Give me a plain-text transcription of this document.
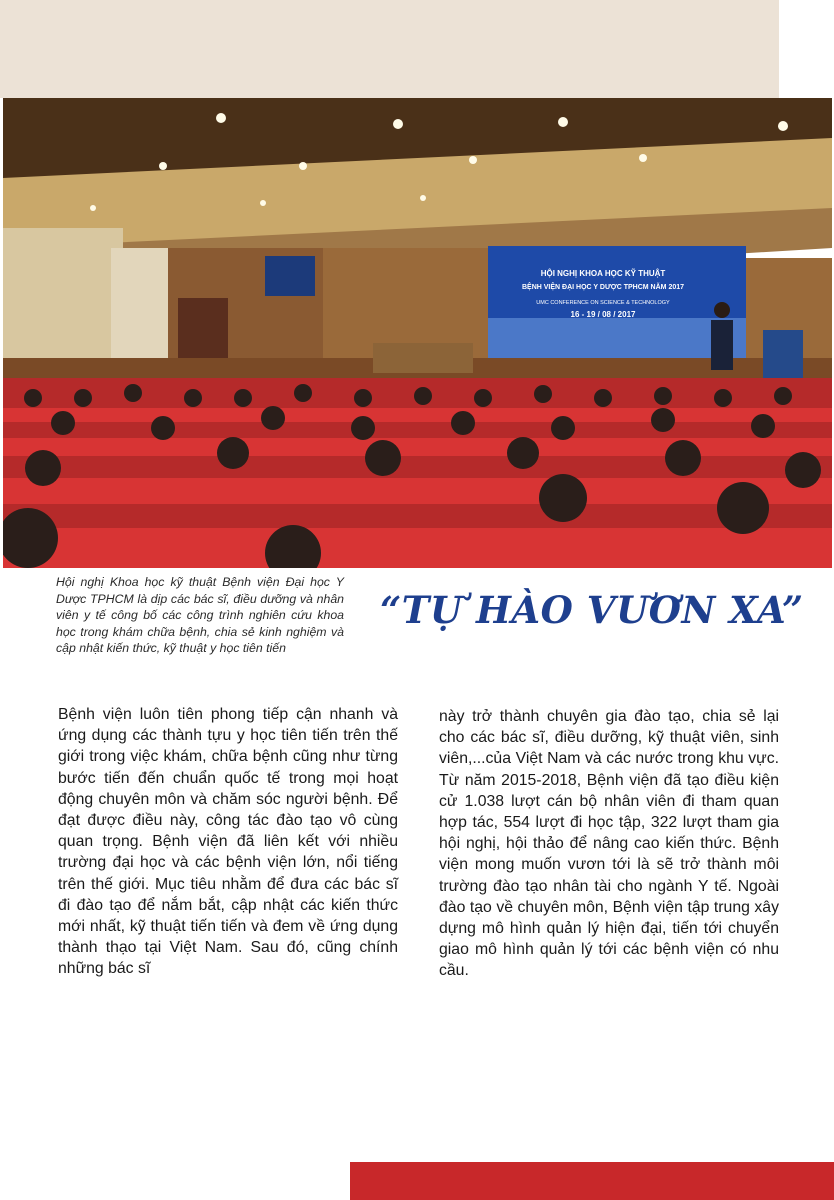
HỘI NGHỊ KHOA HỌC KỸ THUẬT
BỆNH VIỆN ĐẠI HỌC Y DƯỢC TPHCM NĂM 2017
UMC CONFERENCE ON SCIENCE & TECHNOLOGY
16 - 19 / 08 / 2017
Hội nghị Khoa học kỹ thuật Bệnh viện Đại học Y Dược TPHCM là dịp các bác sĩ, điều dưỡng và nhân viên y tế công bố các công trình nghiên cứu khoa học trong khám chữa bệnh, chia sẻ kinh nghiệm và cập nhật kiến thức, kỹ thuật y học tiên tiến
“TỰ HÀO VƯƠN XA”
Bệnh viện luôn tiên phong tiếp cận nhanh và ứng dụng các thành tựu y học tiên tiến trên thế giới trong việc khám, chữa bệnh cũng như từng bước tiến đến chuẩn quốc tế trong mọi hoạt động chuyên môn và chăm sóc người bệnh. Để đạt được điều này, công tác đào tạo vô cùng quan trọng. Bệnh viện đã liên kết với nhiều trường đại học và các bệnh viện lớn, nổi tiếng trên thế giới. Mục tiêu nhằm để đưa các bác sĩ đi đào tạo để nắm bắt, cập nhật các kiến thức mới nhất, kỹ thuật tiến tiến và đem về ứng dụng thành thạo tại Việt Nam. Sau đó, cũng chính những bác sĩ
này trở thành chuyên gia đào tạo, chia sẻ lại cho các bác sĩ, điều dưỡng, kỹ thuật viên, sinh viên,...của Việt Nam và các nước trong khu vực. Từ năm 2015-2018, Bệnh viện đã tạo điều kiện cử 1.038 lượt cán bộ nhân viên đi tham quan hợp tác, 554 lượt đi học tập, 322 lượt tham gia hội nghị, hội thảo để nâng cao kiến thức. Bệnh viện mong muốn vươn tới là sẽ trở thành môi trường đào tạo nhân tài cho ngành Y tế. Ngoài đào tạo về chuyên môn, Bệnh viện tập trung xây dựng mô hình quản lý hiện đại, tiến tới chuyển giao mô hình quản lý tới các bệnh viện có nhu cầu.
